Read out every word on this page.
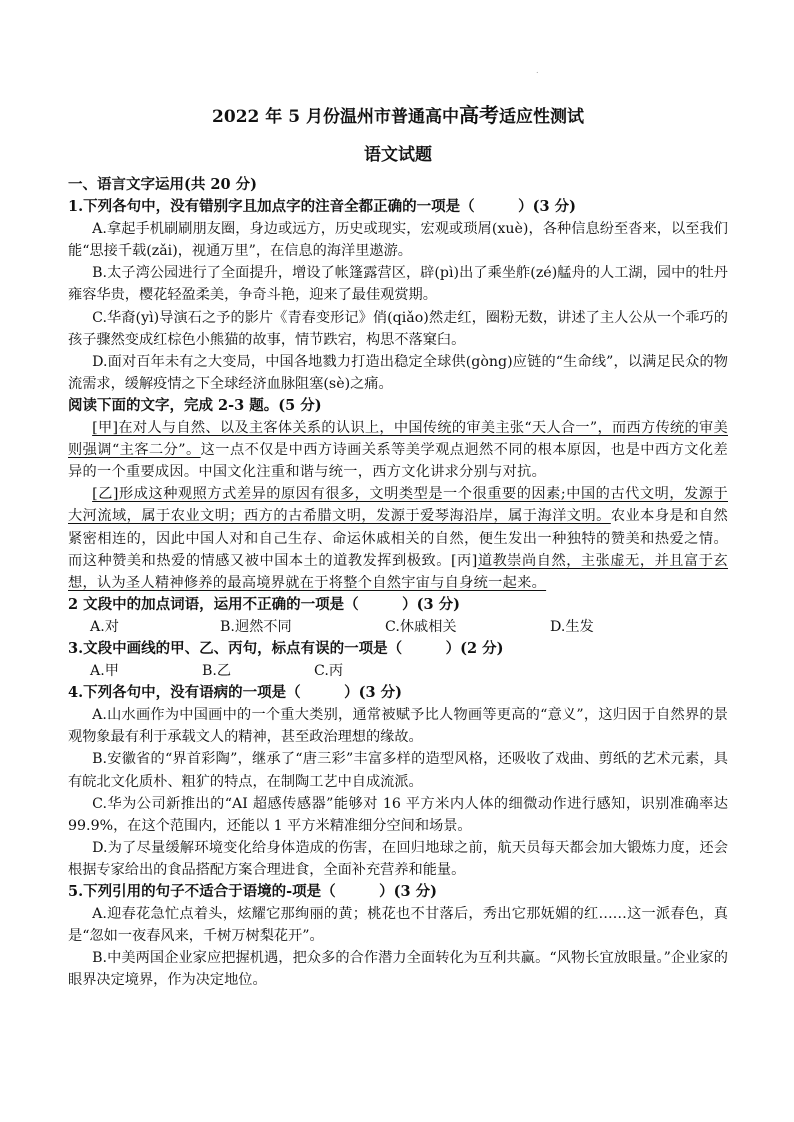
.
2022 年 5 月份温州市普通高中高考适应性测试
语文试题
一、语言文字运用(共 20 分)
1.下列各句中，没有错别字且加点字的注音全都正确的一项是（　　　）(3 分)
A.拿起手机刷刷朋友圈，身边或远方，历史或现实，宏观或琐屑(xuè)，各种信息纷至沓来，以至我们能“思接千载(zǎi)，视通万里”，在信息的海洋里遨游。
B.太子湾公园进行了全面提升，增设了帐篷露营区，辟(pì)出了乘坐舴(zé)艋舟的人工湖，园中的牡丹雍容华贵，樱花轻盈柔美，争奇斗艳，迎来了最佳观赏期。
C.华裔(yì)导演石之予的影片《青春变形记》俏(qiǎo)然走红，圈粉无数，讲述了主人公从一个乖巧的孩子骤然变成红棕色小熊猫的故事，情节跌宕，构思不落窠臼。
D.面对百年未有之大变局，中国各地戮力打造出稳定全球供(gòng)应链的“生命线”，以满足民众的物流需求，缓解疫情之下全球经济血脉阻塞(sè)之痛。
阅读下面的文字，完成 2-3 题。(5 分)
[甲]在对人与自然、以及主客体关系的认识上，中国传统的审美主张“天人合一”，而西方传统的审美则强调“主客二分”。这一点不仅是中西方诗画关系等美学观点迥然不同的根本原因，也是中西方文化差异的一个重要成因。中国文化注重和谐与统一，西方文化讲求分别与对抗。
[乙]形成这种观照方式差异的原因有很多，文明类型是一个很重要的因素;中国的古代文明，发源于大河流域，属于农业文明；西方的古希腊文明，发源于爱琴海沿岸，属于海洋文明。农业本身是和自然紧密相连的，因此中国人对和自己生存、命运休戚相关的自然，便生发出一种独特的赞美和热爱之情。而这种赞美和热爱的情感又被中国本土的道教发挥到极致。[丙]道教崇尚自然，主张虚无，并且富于玄想，认为圣人精神修养的最高境界就在于将整个自然宇宙与自身统一起来。
2 文段中的加点词语，运用不正确的一项是（　　　）(3 分)
A.对	B.迥然不同	C.休戚相关	D.生发
3.文段中画线的甲、乙、丙句，标点有误的一项是（　　　）(2 分)
A.甲	B.乙	C.丙
4.下列各句中，没有语病的一项是（　　　）(3 分)
A.山水画作为中国画中的一个重大类别，通常被赋予比人物画等更高的“意义”，这归因于自然界的景观物象最有利于承载文人的精神，甚至政治理想的缘故。
B.安徽省的“界首彩陶”，继承了“唐三彩”丰富多样的造型风格，还吸收了戏曲、剪纸的艺术元素，具有皖北文化质朴、粗犷的特点，在制陶工艺中自成流派。
C.华为公司新推出的“AI 超感传感器”能够对 16 平方米内人体的细微动作进行感知，识别准确率达 99.9%，在这个范围内，还能以 1 平方米精准细分空间和场景。
D.为了尽量缓解环境变化给身体造成的伤害，在回归地球之前，航天员每天都会加大锻炼力度，还会根据专家给出的食品搭配方案合理进食，全面补充营养和能量。
5.下列引用的句子不适合于语境的-项是（　　　）(3 分)
A.迎春花急忙点着头，炫耀它那绚丽的黄；桃花也不甘落后，秀出它那妩媚的红……这一派春色，真是“忽如一夜春风来，千树万树梨花开”。
B.中美两国企业家应把握机遇，把众多的合作潜力全面转化为互利共赢。“风物长宜放眼量。”企业家的眼界决定境界，作为决定地位。
